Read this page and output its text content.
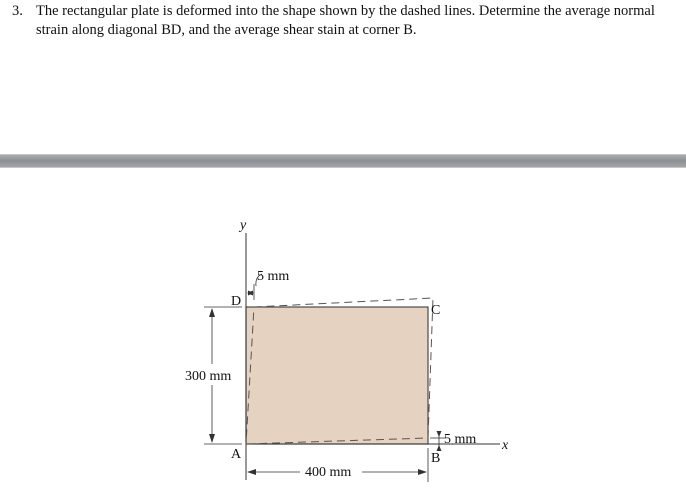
3. The rectangular plate is deformed into the shape shown by the dashed lines. Determine the average normal strain along diagonal BD, and the average shear stain at corner B.
y
x
D
C
A	B
5 mm
300 mm
400 mm
5 mm
